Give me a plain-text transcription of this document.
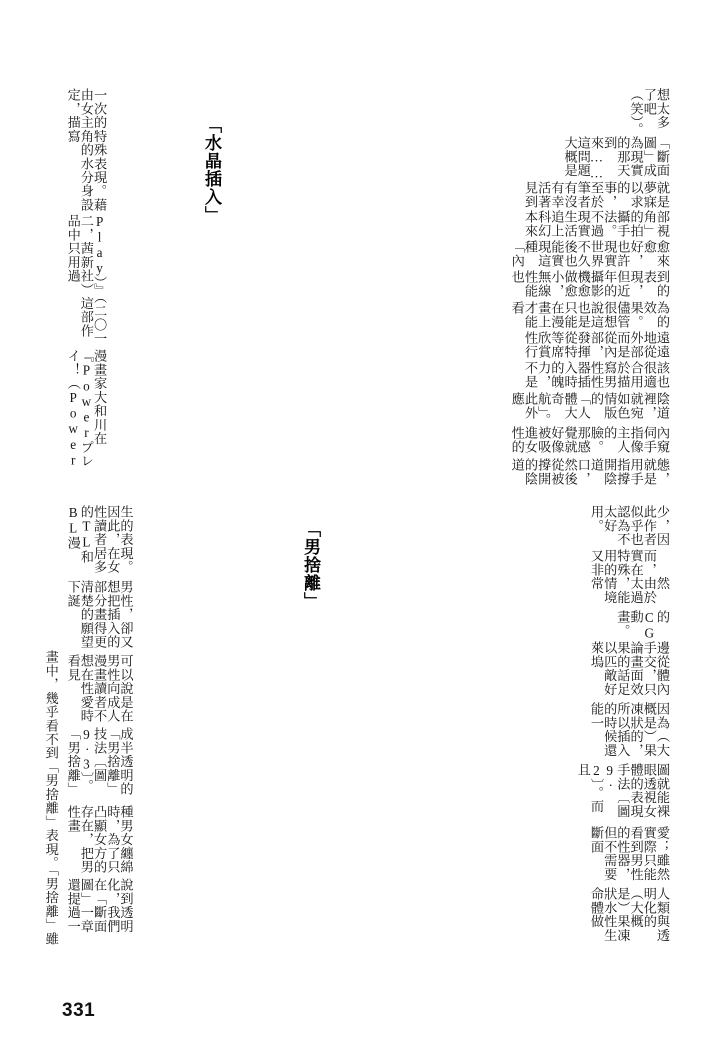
態，就是用手指撐開陰道口，然後從被撐開的陰道
內窺伺手指像主人的臉。那感覺就好像被吸進女性的
陰道裡，就宛如色情版的「人體大奇航」。此外應
該也很適合用於描寫男性性器插入時的魄力，不是
遠遠地從外部而是從內部，發揮從特等席欣賞性行
為的效果。儘管很想說這也是只能在漫畫上才能看
到的表現，但近年的攝影機愈做愈小，無線性能也
愈來愈好，也許現實世界不久後也能實現這種「內
部視角」的拍攝手法。不過現實生活追上科幻本來
就是夢寐以求的事，至於筆者有沒有幸活著見到
「斷面圖」成為現實的那天到來……這問題大概是
想太多了吧（笑）。
「水晶插入」
漫畫家大和川在『Powerプレイ！（Power
Play）』（二〇一二，茜新社）這部作品中只用過
一次的特殊表現。藉由女主角的水分身設定，描寫
人類與透明化的（大概是）果凍狀水性生命體做
愛；雖然實際只能看到男性的性器，但不需要斷面
圖就能裸眼透視女體的表現手法〔圖9‧2〕。而且
因為（大概是）果凍狀的，所以插入的時候還能一
邊從體內手交，只論畫面效果的話足以匹敵好萊塢
的CG動畫。
　　然而，由於實在太過特殊，能用的情境又非常
少，因此作者似乎也認為不太好用。
「男捨離」
說到透明化，我們在「斷面圖」一章還提過一
種男女纏綿時，為了只凸顯女方的存在，把男性畫
成半透明的「男捨離」技法〔圖9‧3〕。「男捨離」
可以說是在男性向成人漫畫讀者不想在性愛時看見
男性，卻又想把插入的部分畫得更清楚的願望下誕
生的表現。因此，在女性讀者居多的TL和BL漫
畫中，幾乎看不到「男捨離」表現。「男捨離」雖
331
